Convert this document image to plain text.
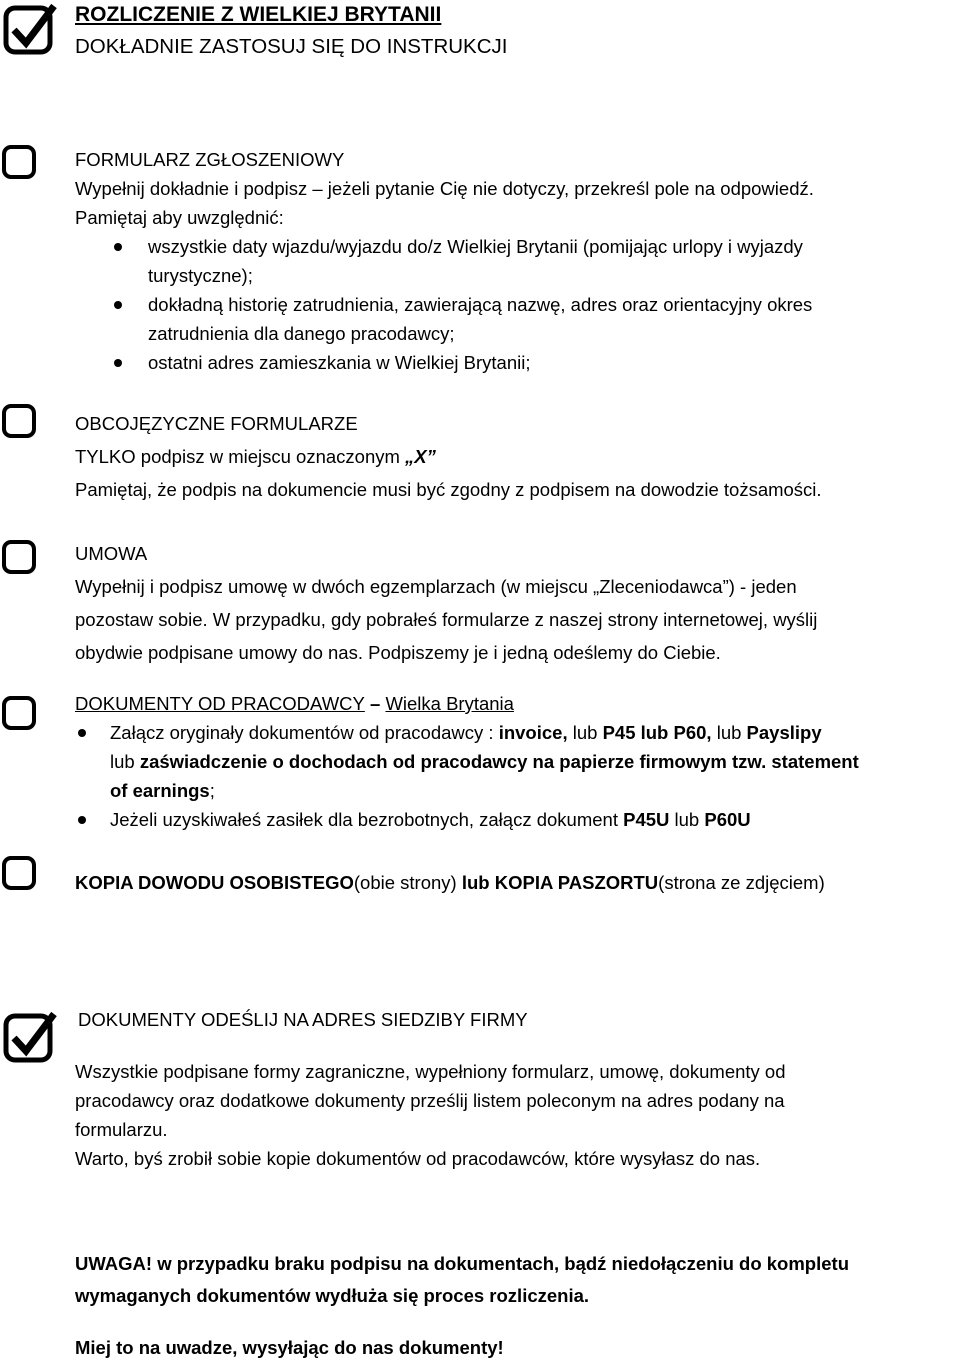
ROZLICZENIE Z WIELKIEJ BRYTANII
DOKŁADNIE ZASTOSUJ SIĘ DO INSTRUKCJI
FORMULARZ ZGŁOSZENIOWY
Wypełnij dokładnie i podpisz – jeżeli pytanie Cię nie dotyczy, przekreśl pole na odpowiedź.
Pamiętaj aby uwzględnić:
wszystkie daty wjazdu/wyjazdu do/z Wielkiej Brytanii (pomijając urlopy i wyjazdy
turystyczne);
dokładną historię zatrudnienia, zawierającą nazwę, adres oraz orientacyjny okres
zatrudnienia dla danego pracodawcy;
ostatni adres zamieszkania w Wielkiej Brytanii;
OBCOJĘZYCZNE FORMULARZE
TYLKO podpisz w miejscu oznaczonym „X”
Pamiętaj, że podpis na dokumencie musi być zgodny z podpisem na dowodzie tożsamości.
UMOWA
Wypełnij i podpisz umowę w dwóch egzemplarzach (w miejscu „Zleceniodawca”) - jeden
pozostaw sobie. W przypadku, gdy pobrałeś formularze z naszej strony internetowej, wyślij
obydwie podpisane umowy do nas. Podpiszemy je i jedną odeślemy do Ciebie.
DOKUMENTY OD PRACODAWCY – Wielka Brytania
Załącz oryginały dokumentów od pracodawcy : invoice, lub P45 lub P60, lub Payslipy
lub zaświadczenie o dochodach od pracodawcy na papierze firmowym tzw. statement
of earnings;
Jeżeli uzyskiwałeś zasiłek dla bezrobotnych, załącz dokument P45U lub P60U
KOPIA DOWODU OSOBISTEGO(obie strony) lub KOPIA PASZORTU(strona ze zdjęciem)
DOKUMENTY ODEŚLIJ NA ADRES SIEDZIBY FIRMY
Wszystkie podpisane formy zagraniczne, wypełniony formularz, umowę, dokumenty od
pracodawcy oraz dodatkowe dokumenty prześlij listem poleconym na adres podany na
formularzu.
Warto, byś zrobił sobie kopie dokumentów od pracodawców, które wysyłasz do nas.
UWAGA! w przypadku braku podpisu na dokumentach, bądź niedołączeniu do kompletu
wymaganych dokumentów wydłuża się proces rozliczenia.
Miej to na uwadze, wysyłając do nas dokumenty!
